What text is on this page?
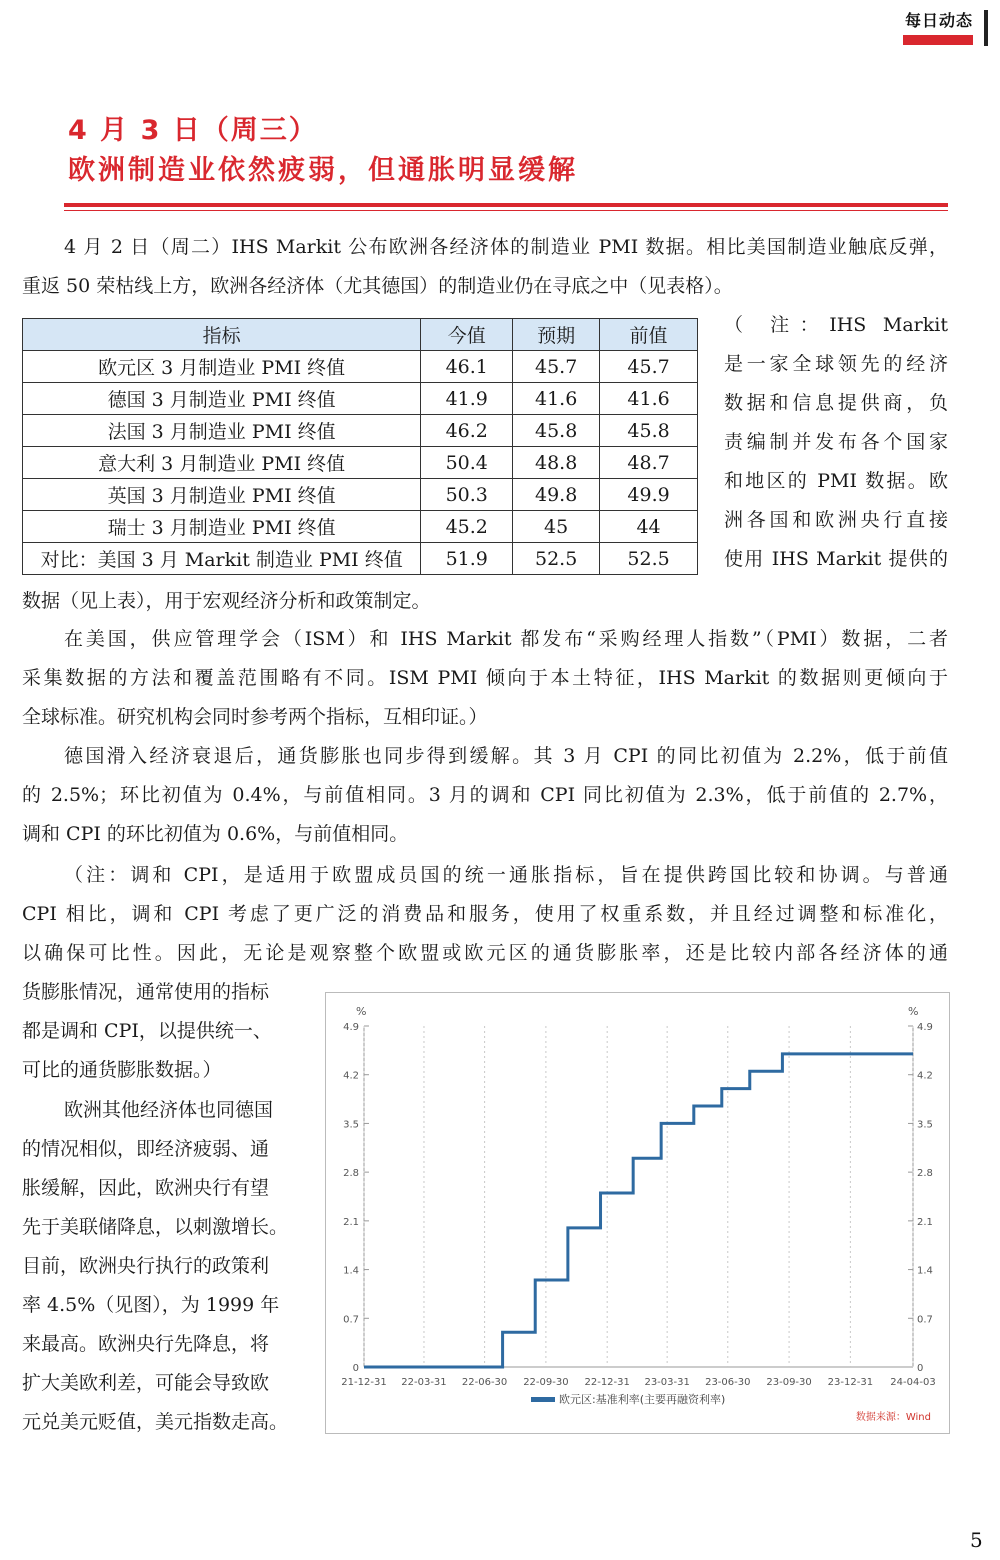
每日动态
4 月 3 日（周三）
欧洲制造业依然疲弱，但通胀明显缓解
4 月 2 日（周二）IHS Markit 公布欧洲各经济体的制造业 PMI 数据。相比美国制造业触底反弹，
重返 50 荣枯线上方，欧洲各经济体（尤其德国）的制造业仍在寻底之中（见表格）。
指标	今值	预期	前值
欧元区 3 月制造业 PMI 终值	46.1	45.7	45.7
德国 3 月制造业 PMI 终值	41.9	41.6	41.6
法国 3 月制造业 PMI 终值	46.2	45.8	45.8
意大利 3 月制造业 PMI 终值	50.4	48.8	48.7
英国 3 月制造业 PMI 终值	50.3	49.8	49.9
瑞士 3 月制造业 PMI 终值	45.2	45	44
对比：美国 3 月 Markit 制造业 PMI 终值	51.9	52.5	52.5
（ 注：IHS Markit
是一家全球领先的经济
数据和信息提供商，负
责编制并发布各个国家
和地区的 PMI 数据。欧
洲各国和欧洲央行直接
使用 IHS Markit 提供的
数据（见上表），用于宏观经济分析和政策制定。
在美国，供应管理学会（ISM）和 IHS Markit 都发布“采购经理人指数”（PMI）数据，二者
采集数据的方法和覆盖范围略有不同。ISM PMI 倾向于本土特征，IHS Markit 的数据则更倾向于
全球标准。研究机构会同时参考两个指标，互相印证。）
德国滑入经济衰退后，通货膨胀也同步得到缓解。其 3 月 CPI 的同比初值为 2.2%，低于前值
的 2.5%；环比初值为 0.4%，与前值相同。3 月的调和 CPI 同比初值为 2.3%，低于前值的 2.7%，
调和 CPI 的环比初值为 0.6%，与前值相同。
（注：调和 CPI，是适用于欧盟成员国的统一通胀指标，旨在提供跨国比较和协调。与普通
CPI 相比，调和 CPI 考虑了更广泛的消费品和服务，使用了权重系数，并且经过调整和标准化，
以确保可比性。因此，无论是观察整个欧盟或欧元区的通货膨胀率，还是比较内部各经济体的通
货膨胀情况，通常使用的指标
都是调和 CPI，以提供统一、
可比的通货膨胀数据。）
欧洲其他经济体也同德国
的情况相似，即经济疲弱、通
胀缓解，因此，欧洲央行有望
先于美联储降息，以刺激增长。
目前，欧洲央行执行的政策利
率 4.5%（见图），为 1999 年
来最高。欧洲央行先降息，将
扩大美欧利差，可能会导致欧
元兑美元贬值，美元指数走高。
%	%
0	0
0.7	0.7
1.4	1.4
2.1	2.1
2.8	2.8
3.5	3.5
4.2	4.2
4.9	4.9
21-12-31 22-03-31 22-06-30 22-09-30 22-12-31 23-03-31 23-06-30 23-09-30 23-12-31 24-04-03
欧元区:基准利率(主要再融资利率)
数据来源：Wind
5
